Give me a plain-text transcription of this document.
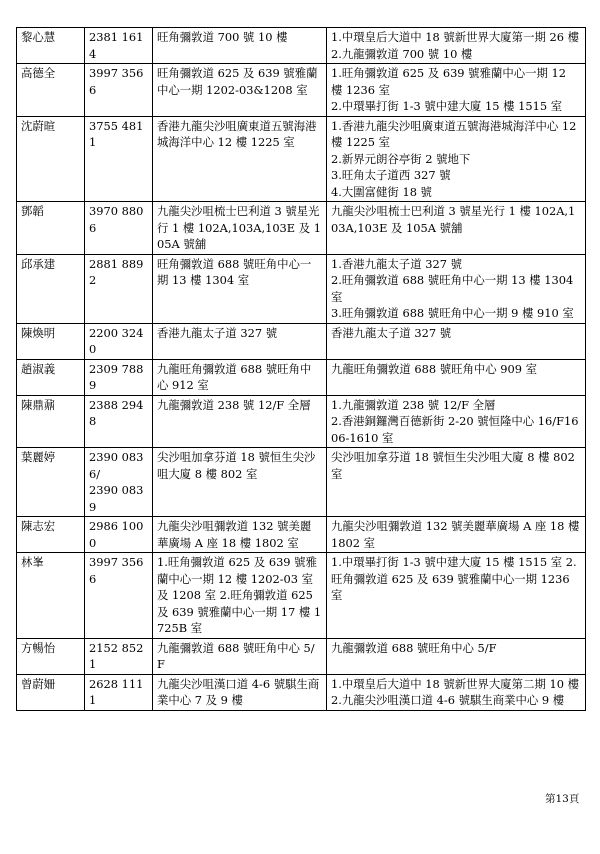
黎心慧	2381 1614	旺角彌敦道 700 號 10 樓	1.中環皇后大道中 18 號新世界大廈第一期 26 樓
2.九龍彌敦道 700 號 10 樓

高德全	3997 3566	旺角彌敦道 625 及 639 號雅蘭中心一期 1202-03&1208 室	1.旺角彌敦道 625 及 639 號雅蘭中心一期 12 樓 1236 室
2.中環畢打街 1-3 號中建大廈 15 樓 1515 室

沈蔚暄	3755 4811	香港九龍尖沙咀廣東道五號海港城海洋中心 12 樓 1225 室	1.香港九龍尖沙咀廣東道五號海港城海洋中心 12 樓 1225 室
2.新界元朗谷亭街 2 號地下
3.旺角太子道西 327 號
4.大圍富健街 18 號

鄧韜	3970 8806	九龍尖沙咀梳士巴利道 3 號星光行 1 樓 102A,103A,103E 及 105A 號舖	九龍尖沙咀梳士巴利道 3 號星光行 1 樓 102A,103A,103E 及 105A 號舖

邱承建	2881 8892	旺角彌敦道 688 號旺角中心一期 13 樓 1304 室	1.香港九龍太子道 327 號
2.旺角彌敦道 688 號旺角中心一期 13 樓 1304 室
3.旺角彌敦道 688 號旺角中心一期 9 樓 910 室

陳煥明	2200 3240	香港九龍太子道 327 號	香港九龍太子道 327 號

趙淑義	2309 7889	九龍旺角彌敦道 688 號旺角中心 912 室	九龍旺角彌敦道 688 號旺角中心 909 室

陳鼎鼐	2388 2948	九龍彌敦道 238 號 12/F 全層	1.九龍彌敦道 238 號 12/F 全層
2.香港銅鑼灣百德新街 2-20 號恒隆中心 16/F1606-1610 室

葉麗婷	2390 0836/
2390 0839	尖沙咀加拿芬道 18 號恒生尖沙咀大廈 8 樓 802 室	尖沙咀加拿芬道 18 號恒生尖沙咀大廈 8 樓 802 室

陳志宏	2986 1000	九龍尖沙咀彌敦道 132 號美麗華廣場 A 座 18 樓 1802 室	九龍尖沙咀彌敦道 132 號美麗華廣場 A 座 18 樓 1802 室

林峯	3997 3566	1.旺角彌敦道 625 及 639 號雅蘭中心一期 12 樓 1202-03 室及 1208 室 2.旺角彌敦道 625 及 639 號雅蘭中心一期 17 樓 1725B 室	1.中環畢打街 1-3 號中建大廈 15 樓 1515 室 2.旺角彌敦道 625 及 639 號雅蘭中心一期 1236 室

方暢怡	2152 8521	九龍彌敦道 688 號旺角中心 5/F	九龍彌敦道 688 號旺角中心 5/F

曾蔚姍	2628 1111	九龍尖沙咀漢口道 4-6 號騏生商業中心 7 及 9 樓	1.中環皇后大道中 18 號新世界大廈第二期 10 樓
2.九龍尖沙咀漢口道 4-6 號騏生商業中心 9 樓
第13頁
